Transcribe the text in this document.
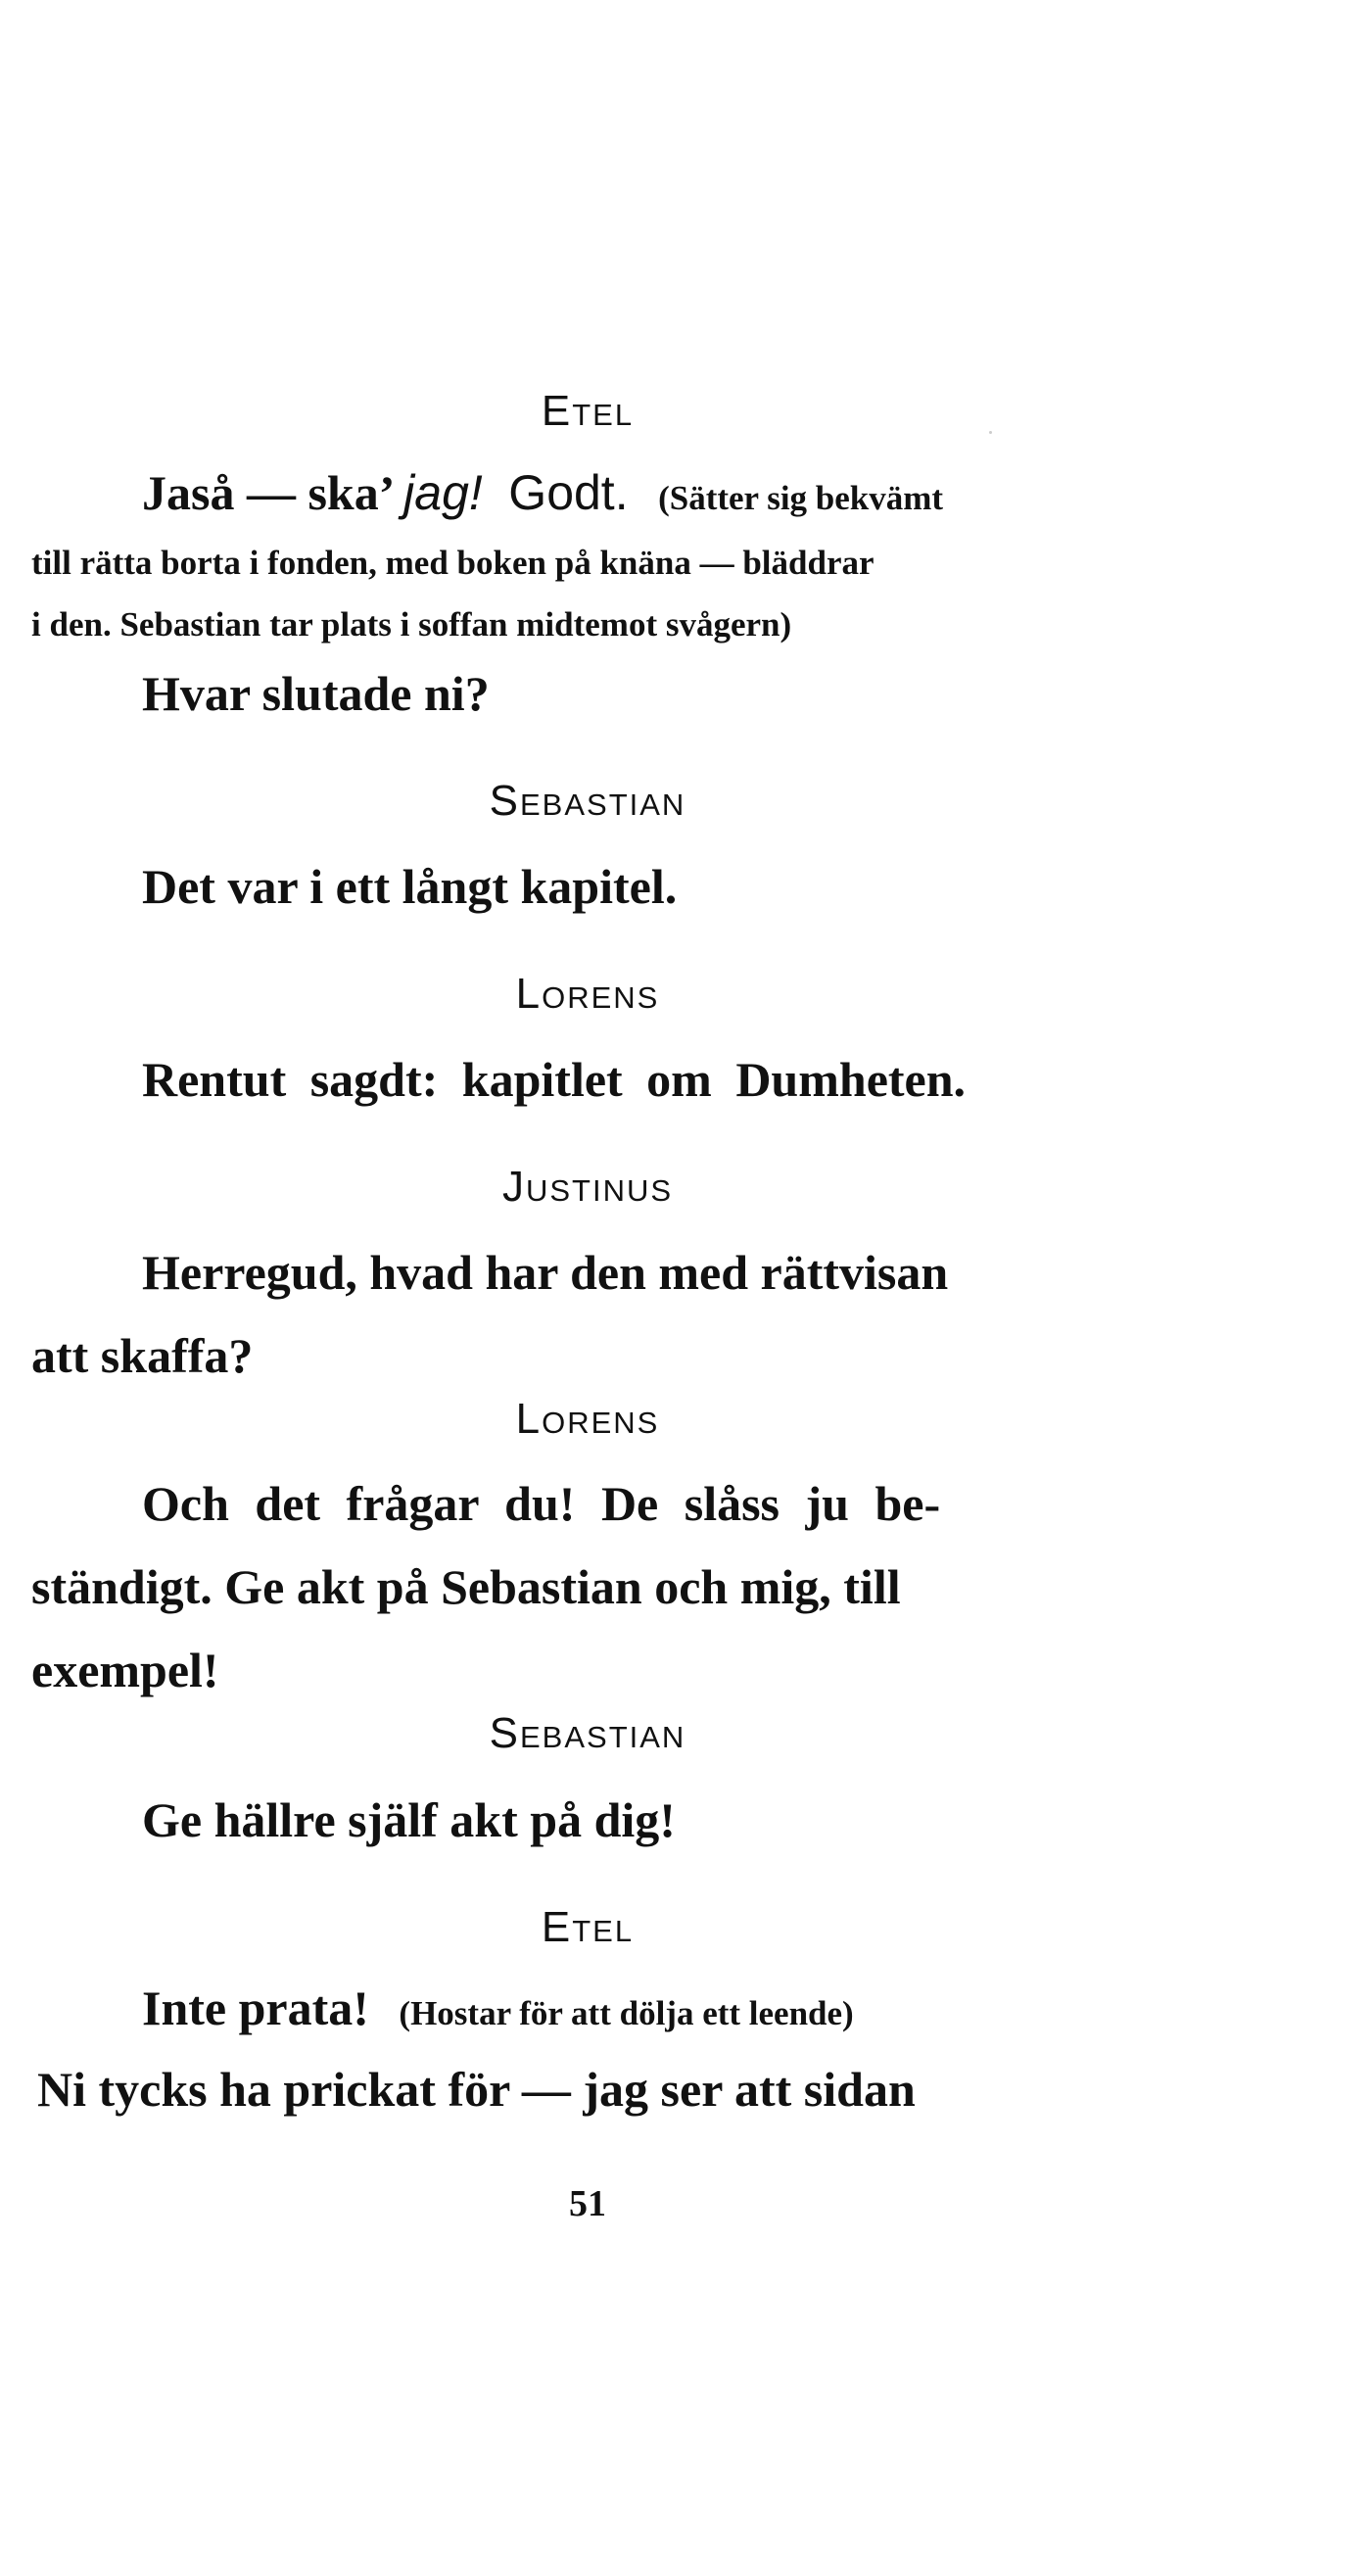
Etel
Jaså — ska’ jag! Godt. (Sätter sig bekvämt
till rätta borta i fonden, med boken på knäna — bläddrar
i den. Sebastian tar plats i soffan midtemot svågern)
Hvar slutade ni?
Sebastian
Det var i ett långt kapitel.
Lorens
Rentut sagdt: kapitlet om Dumheten.
Justinus
Herregud, hvad har den med rättvisan
att skaffa?
Lorens
Och det frågar du! De slåss ju be-
ständigt. Ge akt på Sebastian och mig, till
exempel!
Sebastian
Ge hällre själf akt på dig!
Etel
Inte prata! (Hostar för att dölja ett leende)
Ni tycks ha prickat för — jag ser att sidan
51
